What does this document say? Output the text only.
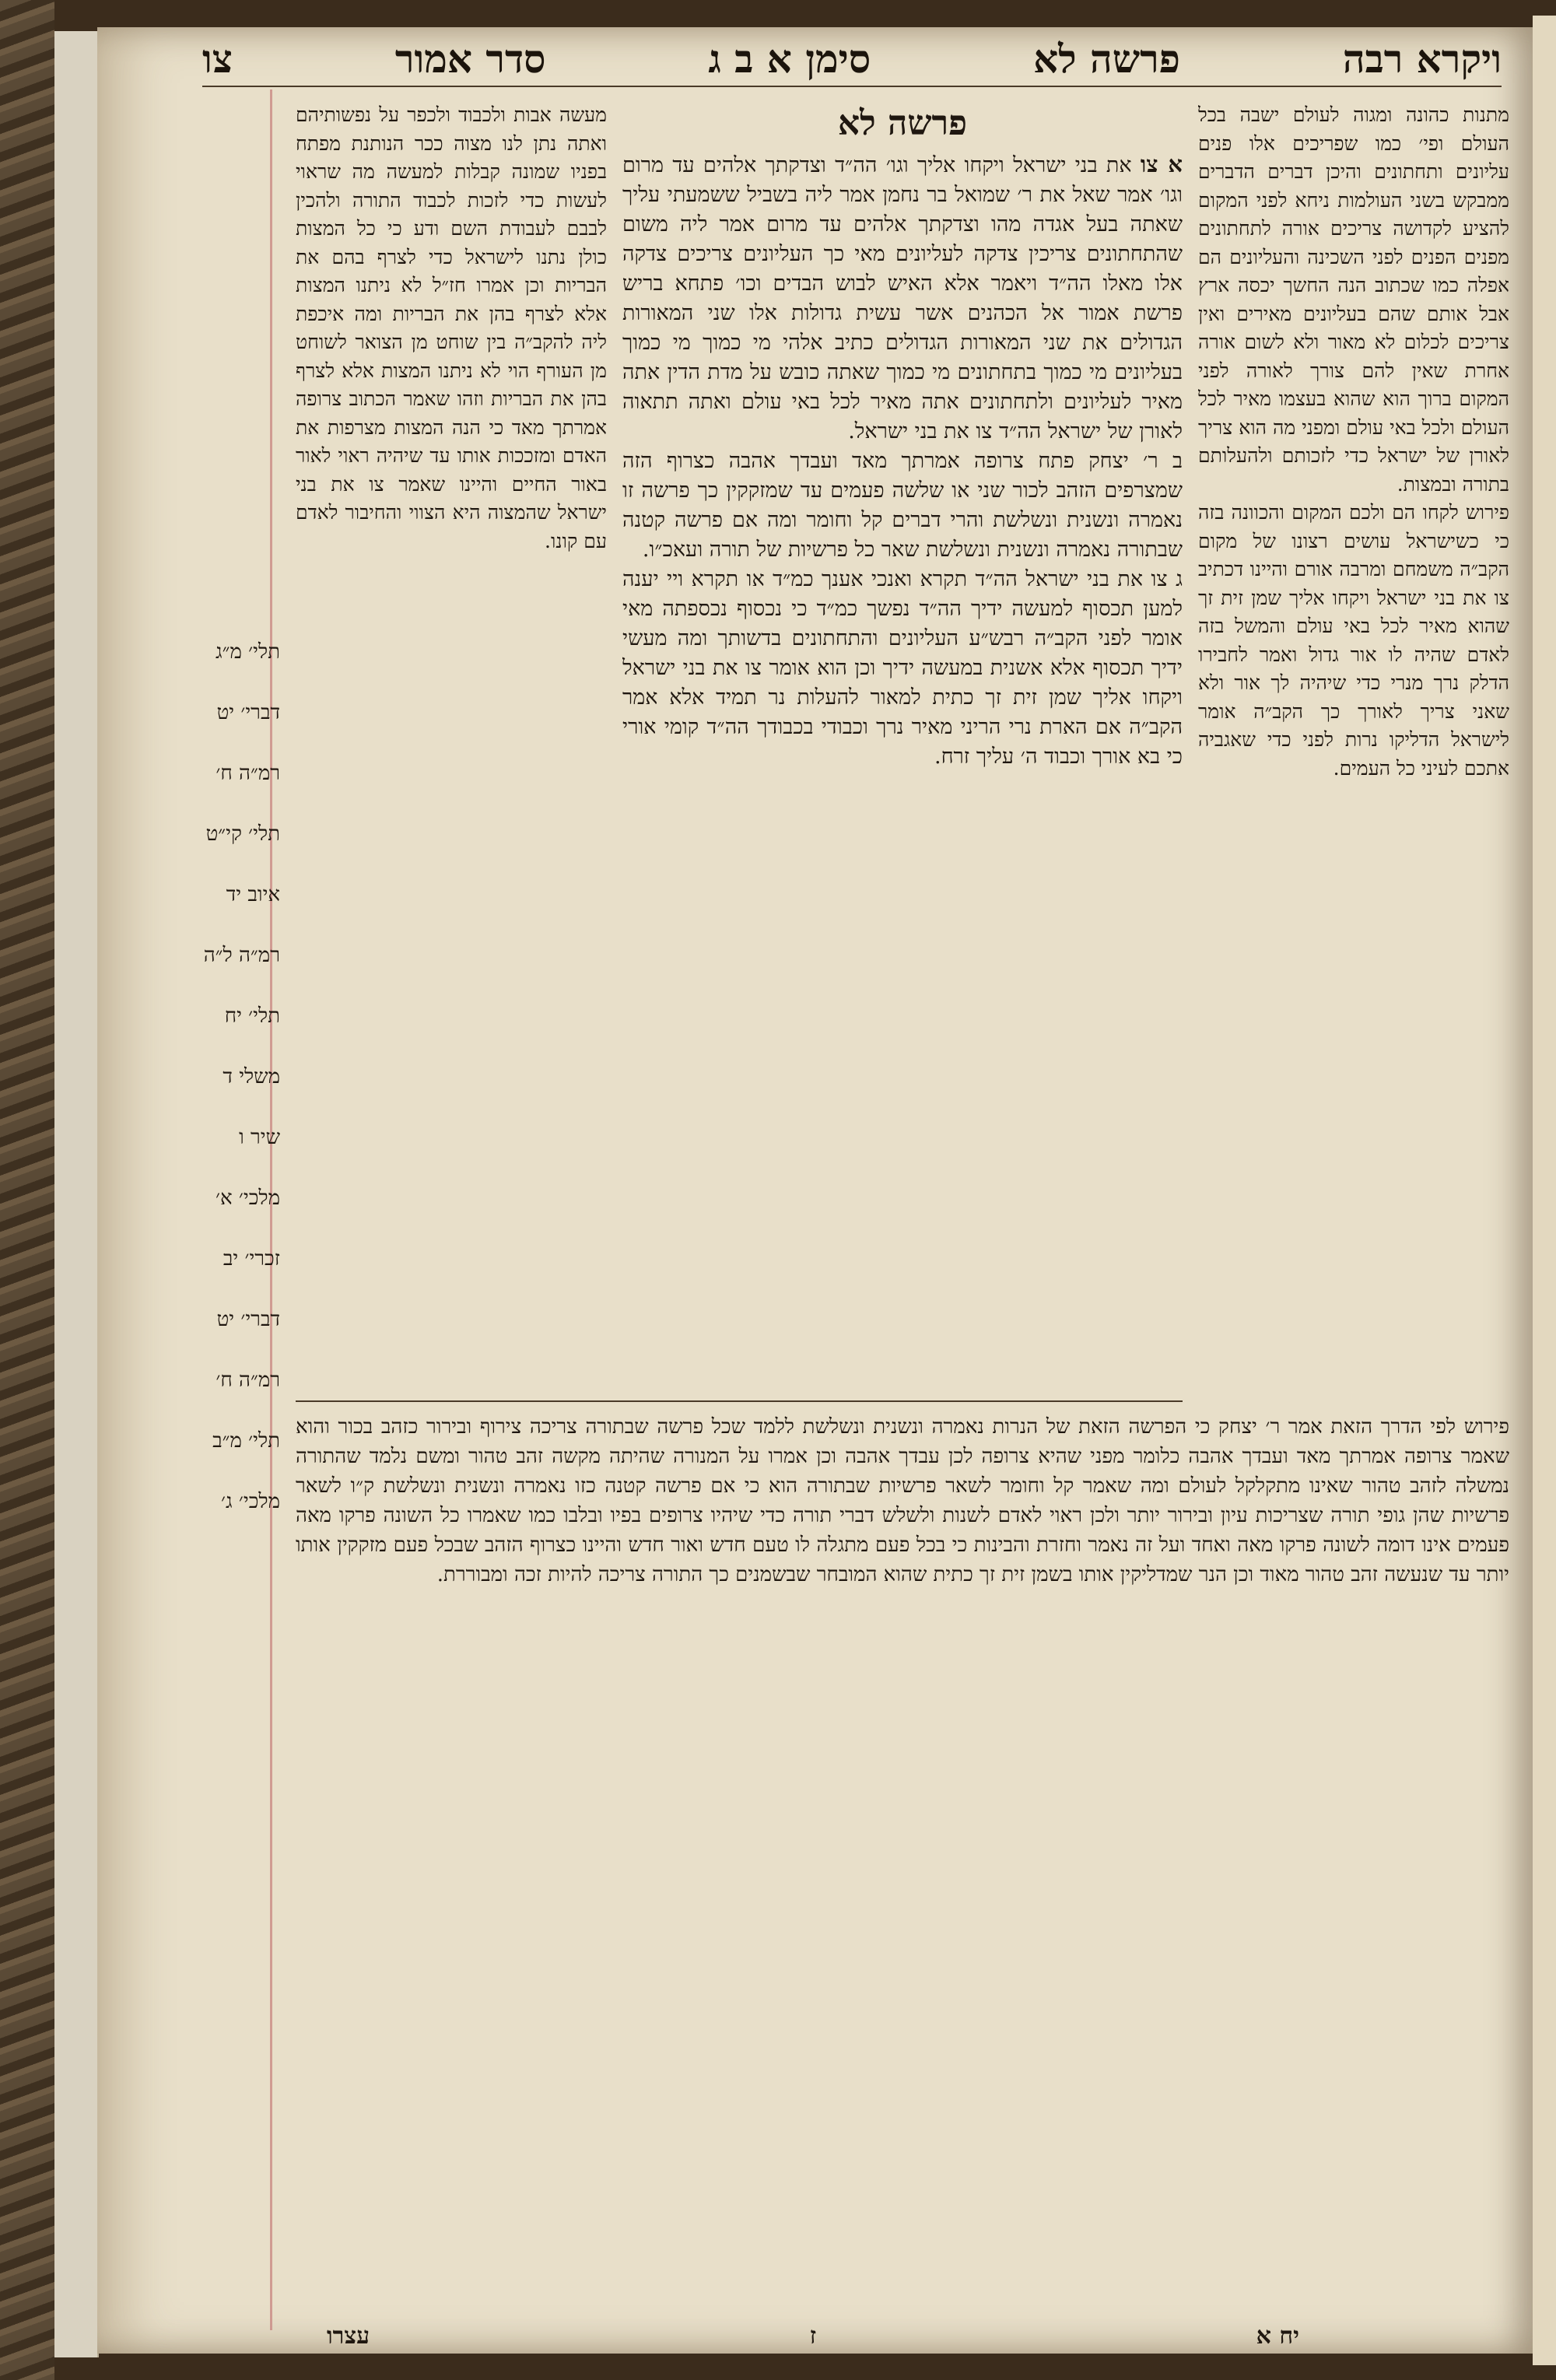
ויקרא רבה
פרשה לא
סימן א ב ג
סדר אמור
צו

מתנות כהונה ומגוה לעולם ישבה בכל העולם ופי׳ כמו שפריכים אלו פנים עליונים ותחתונים והיכן דברים הדברים ממבקש בשני העולמות ניחא לפני המקום להציע לקדושה צריכים אורה לתחתונים מפנים הפנים לפני השכינה והעליונים הם אפלה כמו שכתוב הנה החשך יכסה ארץ אבל אותם שהם בעליונים מאירים ואין צריכים לכלום לא מאור ולא לשום אורה אחרת שאין להם צורך לאורה לפני המקום ברוך הוא שהוא בעצמו מאיר לכל העולם ולכל באי עולם ומפני מה הוא צריך לאורן של ישראל כדי לזכותם ולהעלותם בתורה ובמצות.

פירוש לקחו הם ולכם המקום והכוונה בזה כי כשישראל עושים רצונו של מקום הקב״ה משמחם ומרבה אורם והיינו דכתיב צו את בני ישראל ויקחו אליך שמן זית זך שהוא מאיר לכל באי עולם והמשל בזה לאדם שהיה לו אור גדול ואמר לחבירו הדלק נרך מנרי כדי שיהיה לך אור ולא שאני צריך לאורך כך הקב״ה אומר לישראל הדליקו נרות לפני כדי שאגביה אתכם לעיני כל העמים.

פרשה לא

א צו את בני ישראל ויקחו אליך וגו׳ הה״ד וצדקתך אלהים עד מרום וגו׳ אמר שאל את ר׳ שמואל בר נחמן אמר ליה בשביל ששמעתי עליך שאתה בעל אגדה מהו וצדקתך אלהים עד מרום אמר ליה משום שהתחתונים צריכין צדקה לעליונים מאי כך העליונים צריכים צדקה אלו מאלו הה״ד ויאמר אלא האיש לבוש הבדים וכו׳ פתחא בריש פרשת אמור אל הכהנים אשר עשית גדולות אלו שני המאורות הגדולים את שני המאורות הגדולים כתיב אלהי מי כמוך מי כמוך בעליונים מי כמוך בתחתונים מי כמוך שאתה כובש על מדת הדין אתה מאיר לעליונים ולתחתונים אתה מאיר לכל באי עולם ואתה תתאוה לאורן של ישראל הה״ד צו את בני ישראל.

ב ר׳ יצחק פתח צרופה אמרתך מאד ועבדך אהבה כצרוף הזה שמצרפים הזהב לכור שני או שלשה פעמים עד שמזקקין כך פרשה זו נאמרה ונשנית ונשלשת והרי דברים קל וחומר ומה אם פרשה קטנה שבתורה נאמרה ונשנית ונשלשת שאר כל פרשיות של תורה ועאכ״ו.

ג צו את בני ישראל הה״ד תקרא ואנכי אענך כמ״ד או תקרא ויי יענה למען תכסוף למעשה ידיך הה״ד נפשך כמ״ד כי נכסוף נכספתה מאי אומר לפני הקב״ה רבש״ע העליונים והתחתונים בדשותך ומה מעשי ידיך תכסוף אלא אשנית במעשה ידיך וכן הוא אומר צו את בני ישראל ויקחו אליך שמן זית זך כתית למאור להעלות נר תמיד אלא אמר הקב״ה אם הארת נרי הריני מאיר נרך וכבודי בכבודך הה״ד קומי אורי כי בא אורך וכבוד ה׳ עליך זרח.

מעשה אבות ולכבוד ולכפר על נפשותיהם ואתה נתן לנו מצוה ככר הנותנת מפתח בפניו שמונה קבלות למעשה מה שראוי לעשות כדי לזכות לכבוד התורה ולהכין לבבם לעבודת השם ודע כי כל המצות כולן נתנו לישראל כדי לצרף בהם את הבריות וכן אמרו חז״ל לא ניתנו המצות אלא לצרף בהן את הבריות ומה איכפת ליה להקב״ה בין שוחט מן הצואר לשוחט מן העורף הוי לא ניתנו המצות אלא לצרף בהן את הבריות וזהו שאמר הכתוב צרופה אמרתך מאד כי הנה המצות מצרפות את האדם ומזככות אותו עד שיהיה ראוי לאור באור החיים והיינו שאמר צו את בני ישראל שהמצוה היא הצווי והחיבור לאדם עם קונו.

תלי׳ מ״ג
דברי׳ יט
רמ״ה ח׳
תלי׳ קי״ט
איוב יד
רמ״ה ל״ה
תלי׳ יח
משלי ד
שיר ו
מלכי׳ א׳
זכרי׳ יב
דברי׳ יט
רמ״ה ח׳
תלי׳ מ״ב
מלכי׳ ג׳

פירוש לפי הדרך הזאת אמר ר׳ יצחק כי הפרשה הזאת של הנרות נאמרה ונשנית ונשלשת ללמד שכל פרשה שבתורה צריכה צירוף ובירור כזהב בכור והוא שאמר צרופה אמרתך מאד ועבדך אהבה כלומר מפני שהיא צרופה לכן עבדך אהבה וכן אמרו על המנורה שהיתה מקשה זהב טהור ומשם נלמד שהתורה נמשלה לזהב טהור שאינו מתקלקל לעולם ומה שאמר קל וחומר לשאר פרשיות שבתורה הוא כי אם פרשה קטנה כזו נאמרה ונשנית ונשלשת ק״ו לשאר פרשיות שהן גופי תורה שצריכות עיון ובירור יותר ולכן ראוי לאדם לשנות ולשלש דברי תורה כדי שיהיו צרופים בפיו ובלבו כמו שאמרו כל השונה פרקו מאה פעמים אינו דומה לשונה פרקו מאה ואחד ועל זה נאמר וחזרת והבינות כי בכל פעם מתגלה לו טעם חדש ואור חדש והיינו כצרוף הזהב שבכל פעם מזקקין אותו יותר עד שנעשה זהב טהור מאוד וכן הנר שמדליקין אותו בשמן זית זך כתית שהוא המובחר שבשמנים כך התורה צריכה להיות זכה ומבוררת.

יח א
ז
עצרו
